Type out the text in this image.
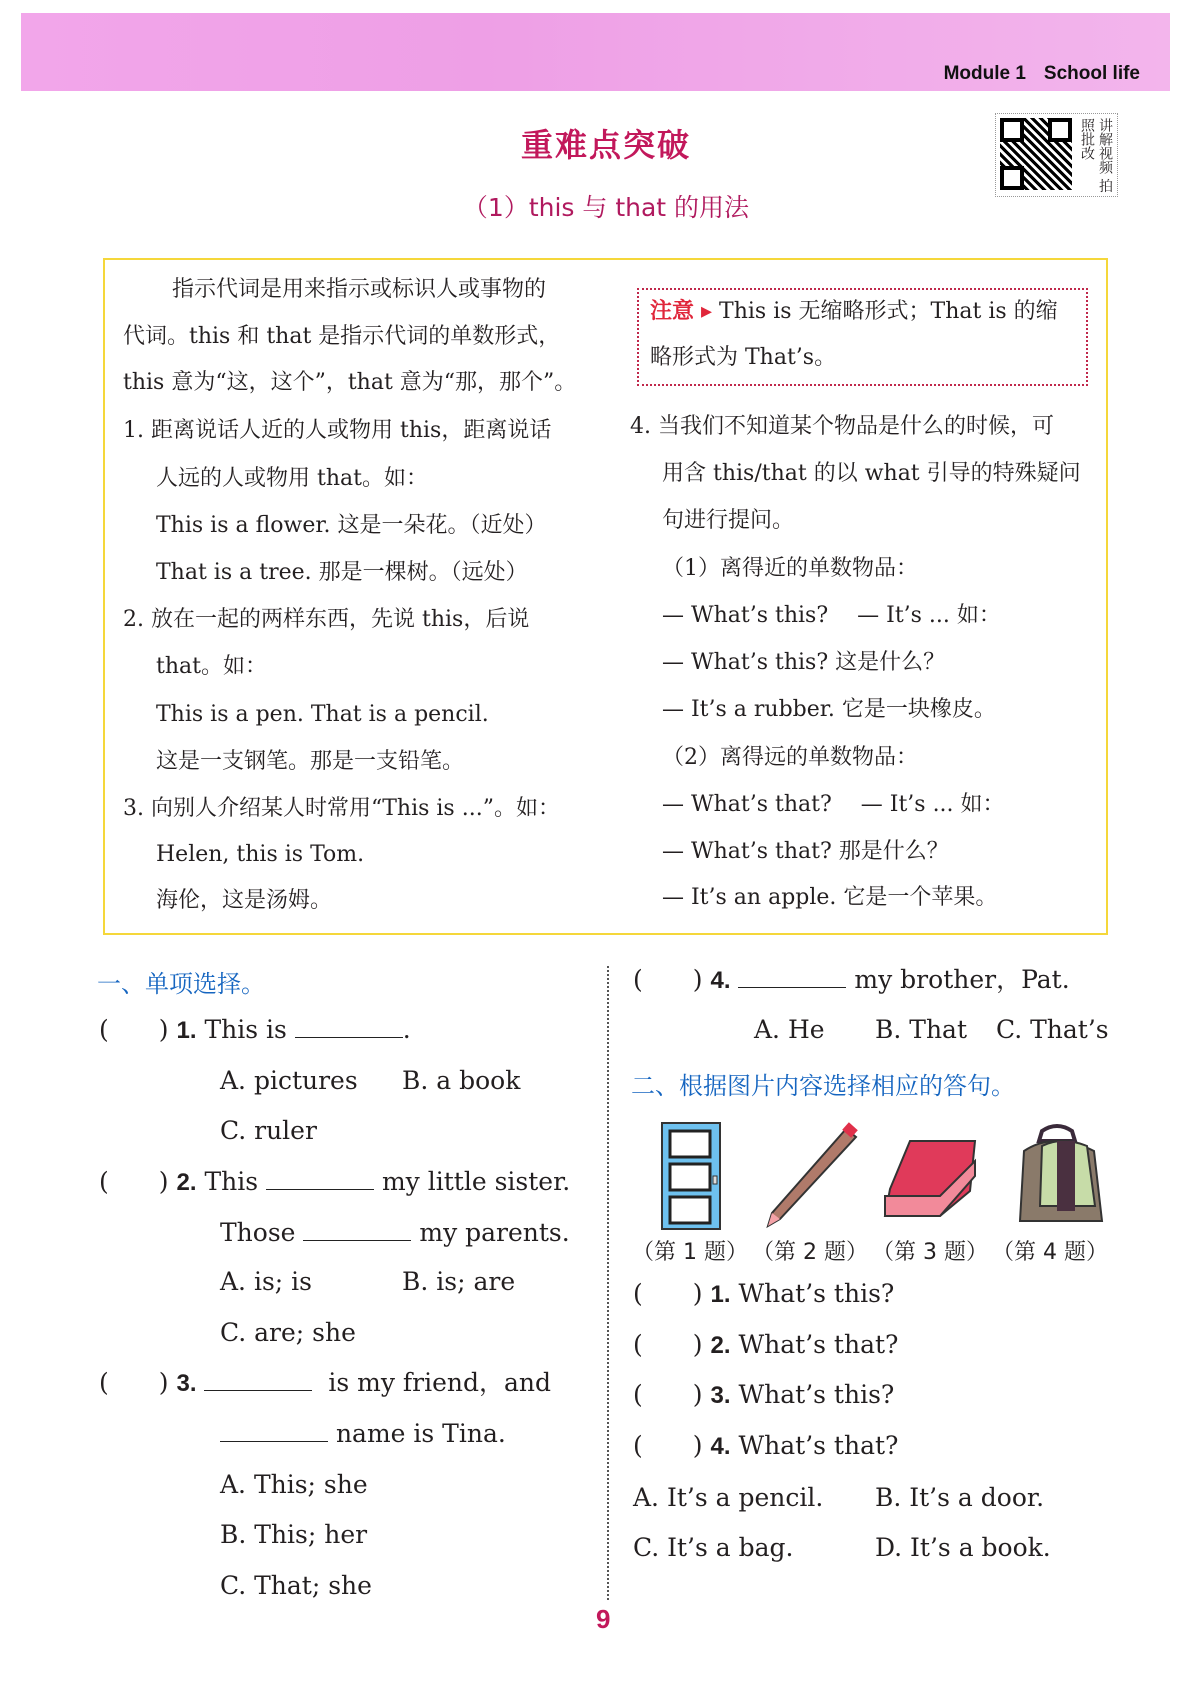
Module 1 School life
重难点突破
（1）this 与 that 的用法
讲解视频 拍照批改
注意 ▸ This is 无缩略形式；That is 的缩
略形式为 That’s。
一、单项选择。
( ) 1. This is	.
A. pictures B. a book
C. ruler
( ) 2. This	my little sister.
Those	my parents.
A. is; is	B. is; are
C. are; she
( ) 3.	is my friend，and
name is Tina.
A. This; she
B. This; her
C. That; she
( ) 4.	my brother，Pat.
A. He B. That C. That’s
二、根据图片内容选择相应的答句。
A. It’s a pencil. B. It’s a door.
C. It’s a bag.	D. It’s a book.
9
指示代词是用来指示或标识人或事物的
代词。this 和 that 是指示代词的单数形式，
this 意为“这，这个”，that 意为“那，那个”。
1. 距离说话人近的人或物用 this，距离说话
人远的人或物用 that。如：
This is a flower. 这是一朵花。（近处）
That is a tree. 那是一棵树。（远处）
2. 放在一起的两样东西，先说 this，后说
that。如：
This is a pen. That is a pencil.
这是一支钢笔。那是一支铅笔。
3. 向别人介绍某人时常用“This is ...”。如：
Helen, this is Tom.
海伦，这是汤姆。
4. 当我们不知道某个物品是什么的时候，可
用含 this/that 的以 what 引导的特殊疑问
句进行提问。
（1）离得近的单数物品：
— What’s this?　 — It’s ... 如：
— What’s this? 这是什么？
— It’s a rubber. 它是一块橡皮。
（2）离得远的单数物品：
— What’s that?　 — It’s ... 如：
— What’s that? 那是什么？
— It’s an apple. 它是一个苹果。
（第 1 题） （第 2 题） （第 3 题） （第 4 题）
( ) 1. What’s this?
( ) 2. What’s that?
( ) 3. What’s this?
( ) 4. What’s that?
